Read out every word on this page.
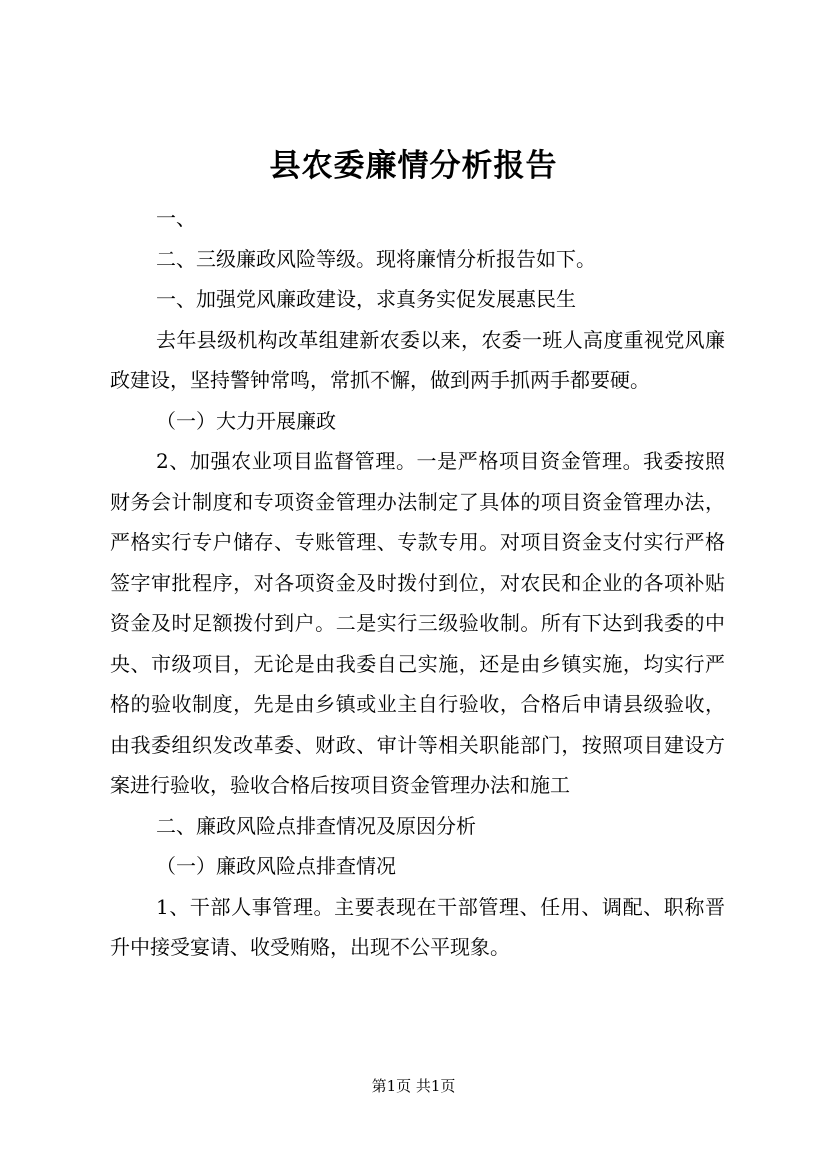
县农委廉情分析报告

一、

二、三级廉政风险等级。现将廉情分析报告如下。

一、加强党风廉政建设，求真务实促发展惠民生

去年县级机构改革组建新农委以来，农委一班人高度重视党风廉政建设，坚持警钟常鸣，常抓不懈，做到两手抓两手都要硬。

（一）大力开展廉政

2、加强农业项目监督管理。一是严格项目资金管理。我委按照财务会计制度和专项资金管理办法制定了具体的项目资金管理办法，严格实行专户储存、专账管理、专款专用。对项目资金支付实行严格签字审批程序，对各项资金及时拨付到位，对农民和企业的各项补贴资金及时足额拨付到户。二是实行三级验收制。所有下达到我委的中央、市级项目，无论是由我委自己实施，还是由乡镇实施，均实行严格的验收制度，先是由乡镇或业主自行验收，合格后申请县级验收，由我委组织发改革委、财政、审计等相关职能部门，按照项目建设方案进行验收，验收合格后按项目资金管理办法和施工

二、廉政风险点排查情况及原因分析

（一）廉政风险点排查情况

1、干部人事管理。主要表现在干部管理、任用、调配、职称晋升中接受宴请、收受贿赂，出现不公平现象。

第1页 共1页
